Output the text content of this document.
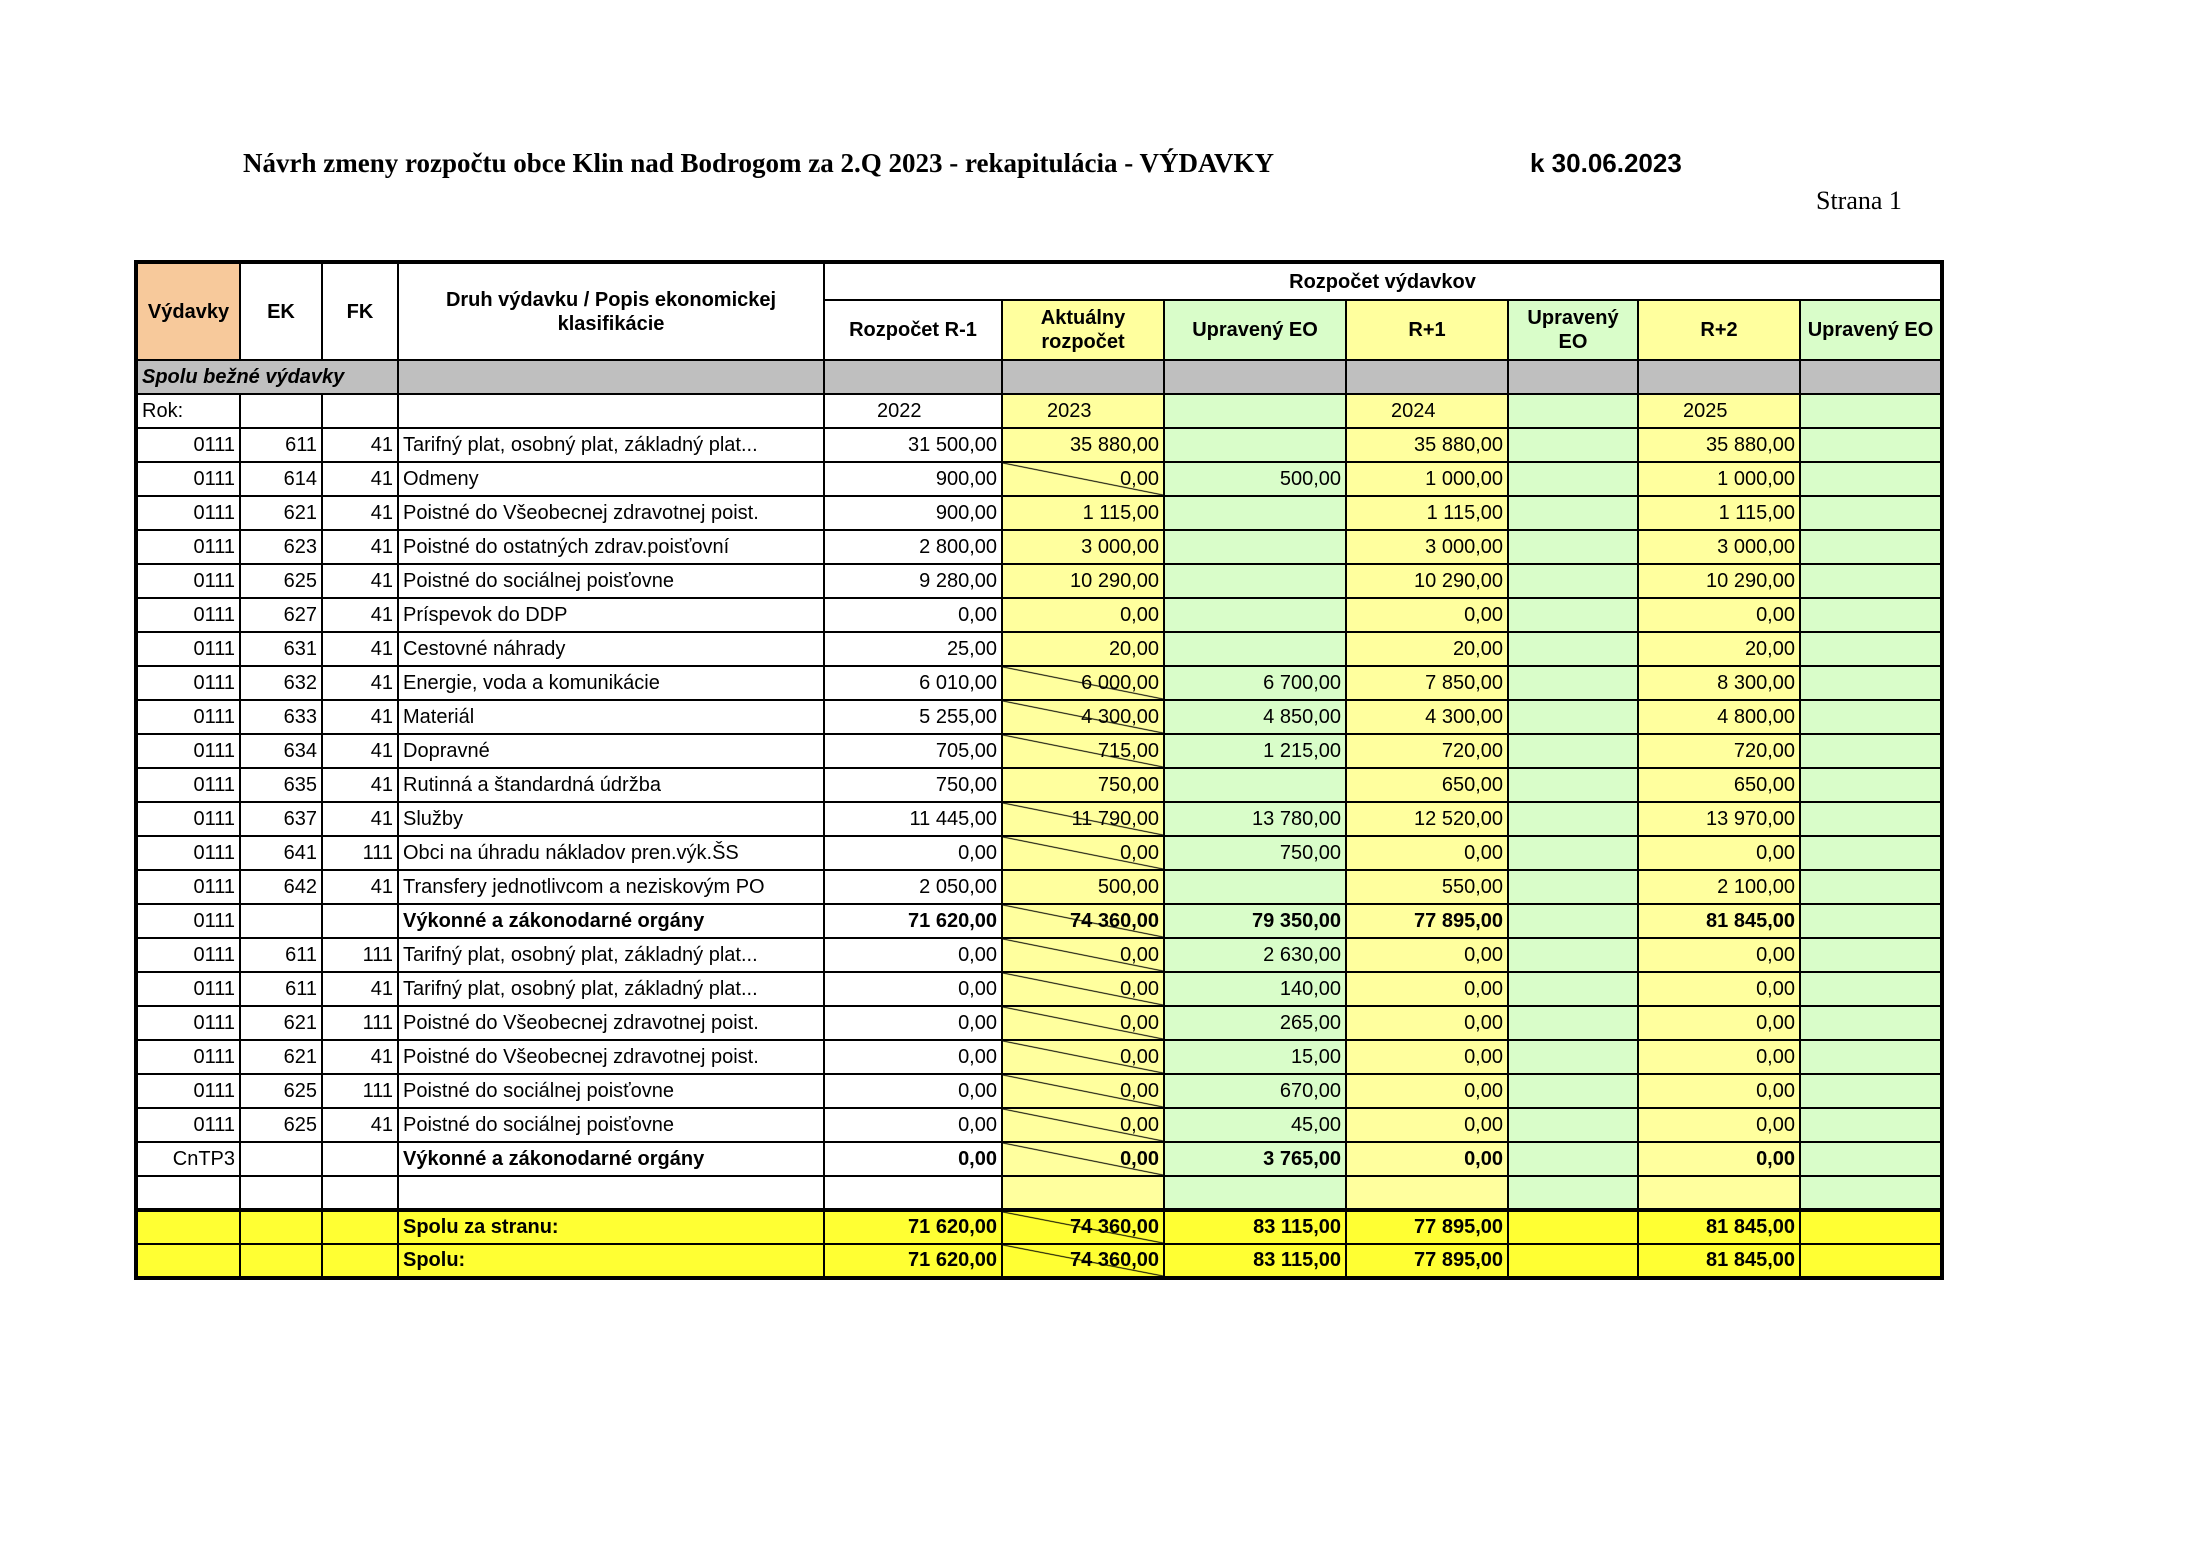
Návrh zmeny rozpočtu obce Klin nad Bodrogom za 2.Q 2023 - rekapitulácia - VÝDAVKY	k 30.06.2023
Strana 1
Výdavky	EK	FK	Druh výdavku / Popis ekonomickej klasifikácie	Rozpočet výdavkov						
				Rozpočet R-1	Aktuálny rozpočet	Upravený EO	R+1	Upravený EO	R+2	Upravený EO
Spolu bežné výdavky										
Rok:				2022	2023		2024		2025	
0111	611	41	Tarifný plat, osobný plat, základný plat...	31 500,00	35 880,00		35 880,00		35 880,00	
0111	614	41	Odmeny	900,00	0,00	500,00	1 000,00		1 000,00	
0111	621	41	Poistné do Všeobecnej zdravotnej poist.	900,00	1 115,00		1 115,00		1 115,00	
0111	623	41	Poistné do ostatných zdrav.poisťovní	2 800,00	3 000,00		3 000,00		3 000,00	
0111	625	41	Poistné do sociálnej poisťovne	9 280,00	10 290,00		10 290,00		10 290,00	
0111	627	41	Príspevok do DDP	0,00	0,00		0,00		0,00	
0111	631	41	Cestovné náhrady	25,00	20,00		20,00		20,00	
0111	632	41	Energie, voda a komunikácie	6 010,00	6 000,00	6 700,00	7 850,00		8 300,00	
0111	633	41	Materiál	5 255,00	4 300,00	4 850,00	4 300,00		4 800,00	
0111	634	41	Dopravné	705,00	715,00	1 215,00	720,00		720,00	
0111	635	41	Rutinná a štandardná údržba	750,00	750,00		650,00		650,00	
0111	637	41	Služby	11 445,00	11 790,00	13 780,00	12 520,00		13 970,00	
0111	641	111	Obci na úhradu nákladov pren.výk.ŠS	0,00	0,00	750,00	0,00		0,00	
0111	642	41	Transfery jednotlivcom a neziskovým PO	2 050,00	500,00		550,00		2 100,00	
0111			Výkonné a zákonodarné orgány	71 620,00	74 360,00	79 350,00	77 895,00		81 845,00	
0111	611	111	Tarifný plat, osobný plat, základný plat...	0,00	0,00	2 630,00	0,00		0,00	
0111	611	41	Tarifný plat, osobný plat, základný plat...	0,00	0,00	140,00	0,00		0,00	
0111	621	111	Poistné do Všeobecnej zdravotnej poist.	0,00	0,00	265,00	0,00		0,00	
0111	621	41	Poistné do Všeobecnej zdravotnej poist.	0,00	0,00	15,00	0,00		0,00	
0111	625	111	Poistné do sociálnej poisťovne	0,00	0,00	670,00	0,00		0,00	
0111	625	41	Poistné do sociálnej poisťovne	0,00	0,00	45,00	0,00		0,00	
CnTP3			Výkonné a zákonodarné orgány	0,00	0,00	3 765,00	0,00		0,00	

			Spolu za stranu:	71 620,00	74 360,00	83 115,00	77 895,00		81 845,00	
			Spolu:	71 620,00	74 360,00	83 115,00	77 895,00		81 845,00	
